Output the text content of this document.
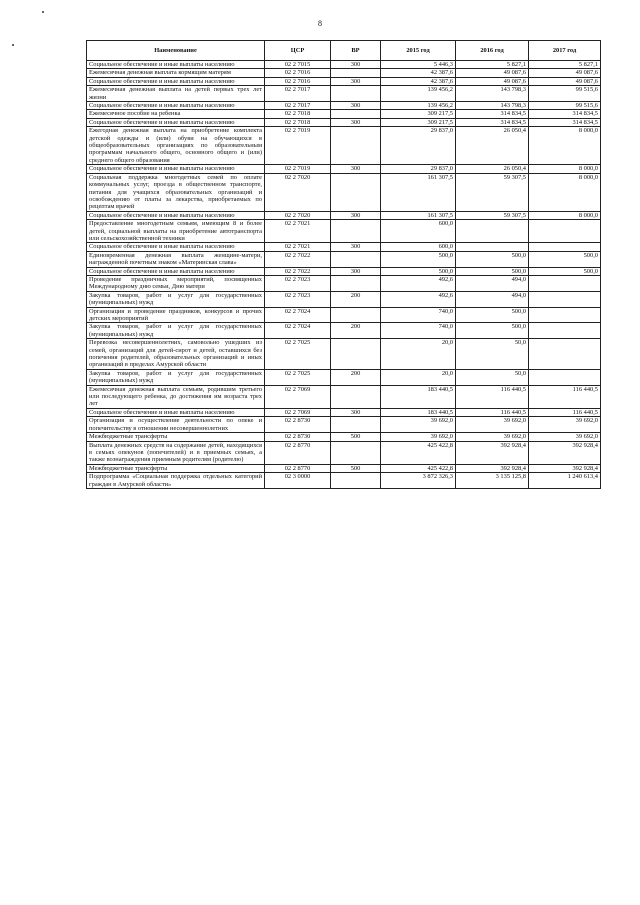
8
Наименование	ЦСР	ВР	2015 год	2016 год	2017 год
Социальное обеспечение и иные выплаты населению	02 2 7015	300	5 446,3	5 827,1	5 827,1
Ежемесячная денежная выплата кормящим матерям	02 2 7016		42 387,6	49 087,6	49 087,6
Социальное обеспечение и иные выплаты населению	02 2 7016	300	42 387,6	49 087,6	49 087,6
Ежемесячная денежная выплата на детей первых трех лет жизни	02 2 7017		139 456,2	143 798,3	99 515,6
Социальное обеспечение и иные выплаты населению	02 2 7017	300	139 456,2	143 798,3	99 515,6
Ежемесячное пособие на ребенка	02 2 7018		309 217,5	314 834,5	314 834,5
Социальное обеспечение и иные выплаты населению	02 2 7018	300	309 217,5	314 834,5	314 834,5
Ежегодная денежная выплата на приобретение комплекта детской одежды и (или) обуви на обучающихся в общеобразовательных организациях по образовательным программам начального общего, основного общего и (или) среднего общего образования	02 2 7019		29 837,0	26 050,4	8 000,0
Социальное обеспечение и иные выплаты населению	02 2 7019	300	29 837,0	26 050,4	8 000,0
Социальная поддержка многодетных семей по оплате коммунальных услуг, проезда в общественном транспорте, питания для учащихся образовательных организаций и освобождению от платы за лекарства, приобретаемых по рецептам врачей	02 2 7020		161 307,5	59 307,5	8 000,0
Социальное обеспечение и иные выплаты населению	02 2 7020	300	161 307,5	59 307,5	8 000,0
Предоставление многодетным семьям, имеющим 8 и более детей, социальной выплаты на приобретение автотранспорта или сельскохозяйственной техники	02 2 7021		600,0		
Социальное обеспечение и иные выплаты населению	02 2 7021	300	600,0		
Единовременная денежная выплата женщине-матери, награжденной почетным знаком «Материнская слава»	02 2 7022		500,0	500,0	500,0
Социальное обеспечение и иные выплаты населению	02 2 7022	300	500,0	500,0	500,0
Проведение праздничных мероприятий, посвященных Международному дню семьи, Дню матери	02 2 7023		492,6	494,0	
Закупка товаров, работ и услуг для государственных (муниципальных) нужд	02 2 7023	200	492,6	494,0	
Организация и проведение праздников, конкурсов и прочих детских мероприятий	02 2 7024		740,0	500,0	
Закупка товаров, работ и услуг для государственных (муниципальных) нужд	02 2 7024	200	740,0	500,0	
Перевозка несовершеннолетних, самовольно ушедших из семей, организаций для детей-сирот и детей, оставшихся без попечения родителей, образовательных организаций и иных организаций в пределах Амурской области	02 2 7025		20,0	50,0	
Закупка товаров, работ и услуг для государственных (муниципальных) нужд	02 2 7025	200	20,0	50,0	
Ежемесячная денежная выплата семьям, родившим третьего или последующего ребенка, до достижения им возраста трех лет	02 2 7069		183 440,5	116 440,5	116 440,5
Социальное обеспечение и иные выплаты населению	02 2 7069	300	183 440,5	116 440,5	116 440,5
Организация и осуществление деятельности по опеке и попечительству в отношении несовершеннолетних	02 2 8730		39 692,0	39 692,0	39 692,0
Межбюджетные трансферты	02 2 8730	500	39 692,0	39 692,0	39 692,0
Выплата денежных средств на содержание детей, находящихся в семьях опекунов (попечителей) и в приемных семьях, а также вознаграждения приемным родителям (родителю)	02 2 8770		425 422,8	392 928,4	392 928,4
Межбюджетные трансферты	02 2 8770	500	425 422,8	392 928,4	392 928,4
Подпрограмма «Социальная поддержка отдельных категорий граждан в Амурской области»	02 3 0000		3 872 326,3	3 135 125,8	1 240 613,4
